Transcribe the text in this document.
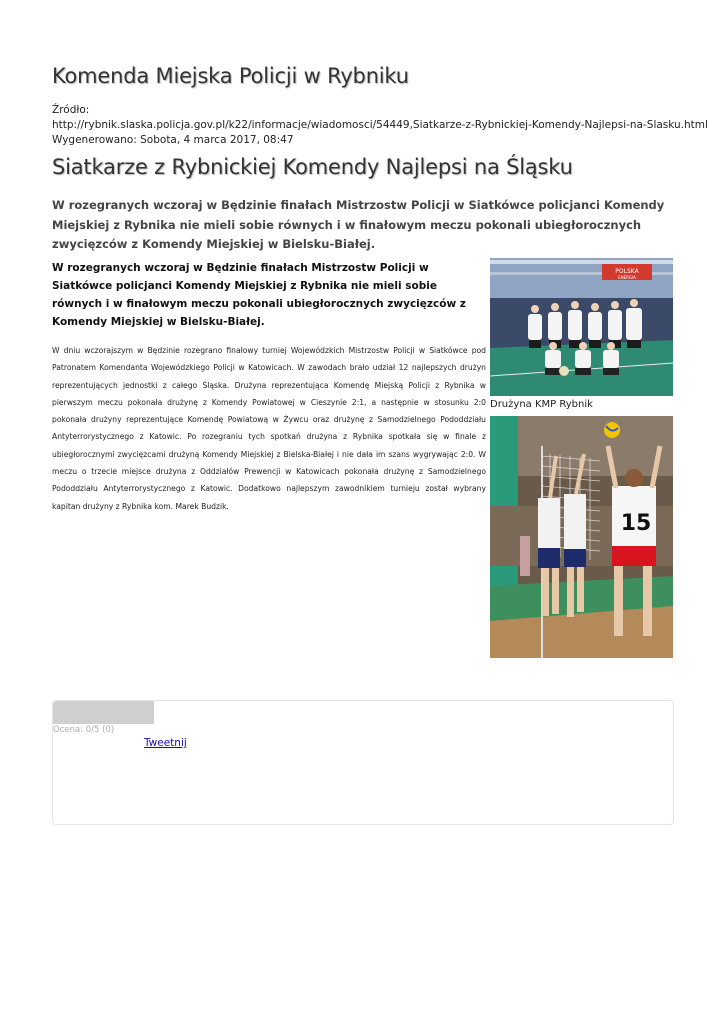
Komenda Miejska Policji w Rybniku
Źródło:
http://rybnik.slaska.policja.gov.pl/k22/informacje/wiadomosci/54449,Siatkarze-z-Rybnickiej-Komendy-Najlepsi-na-Slasku.html
Wygenerowano: Sobota, 4 marca 2017, 08:47
Siatkarze z Rybnickiej Komendy Najlepsi na Śląsku

W rozegranych wczoraj w Będzinie finałach Mistrzostw Policji w Siatkówce policjanci Komendy Miejskiej z Rybnika nie mieli sobie równych i w finałowym meczu pokonali ubiegłorocznych zwycięzców z Komendy Miejskiej w Bielsku-Białej.

W rozegranych wczoraj w Będzinie finałach Mistrzostw Policji w Siatkówce policjanci Komendy Miejskiej z Rybnika nie mieli sobie równych i w finałowym meczu pokonali ubiegłorocznych zwycięzców z Komendy Miejskiej w Bielsku-Białej.

W dniu wczorajszym w Będzinie rozegrano finałowy turniej Wojewódzkich Mistrzostw Policji w Siatkówce pod Patronatem Komendanta Wojewódzkiego Policji w Katowicach. W zawodach brało udział 12 najlepszych drużyn reprezentujących jednostki z całego Śląska. Drużyna reprezentująca Komendę Miejską Policji z Rybnika w pierwszym meczu pokonała drużynę z Komendy Powiatowej w Cieszynie 2:1, a następnie w stosunku 2:0 pokonała drużyny reprezentujące Komendę Powiatową w Żywcu oraz drużynę z Samodzielnego Pododdziału Antyterrorystycznego z Katowic. Po rozegraniu tych spotkań drużyna z Rybnika spotkała się w finale z ubiegłorocznymi zwycięzcami drużyną Komendy Miejskiej z Bielska-Białej i nie dała im szans wygrywając 2:0. W meczu o trzecie miejsce drużyna z Oddziałów Prewencji w Katowicach pokonała drużynę z Samodzielnego Pododdziału Antyterrorystycznego z Katowic. Dodatkowo najlepszym zawodnikiem turnieju został wybrany kapitan drużyny z Rybnika kom. Marek Budzik.

POLSKA
ENERGIA
Drużyna KMP Rybnik
15
Ocena: 0/5 (0)
Tweetnij
